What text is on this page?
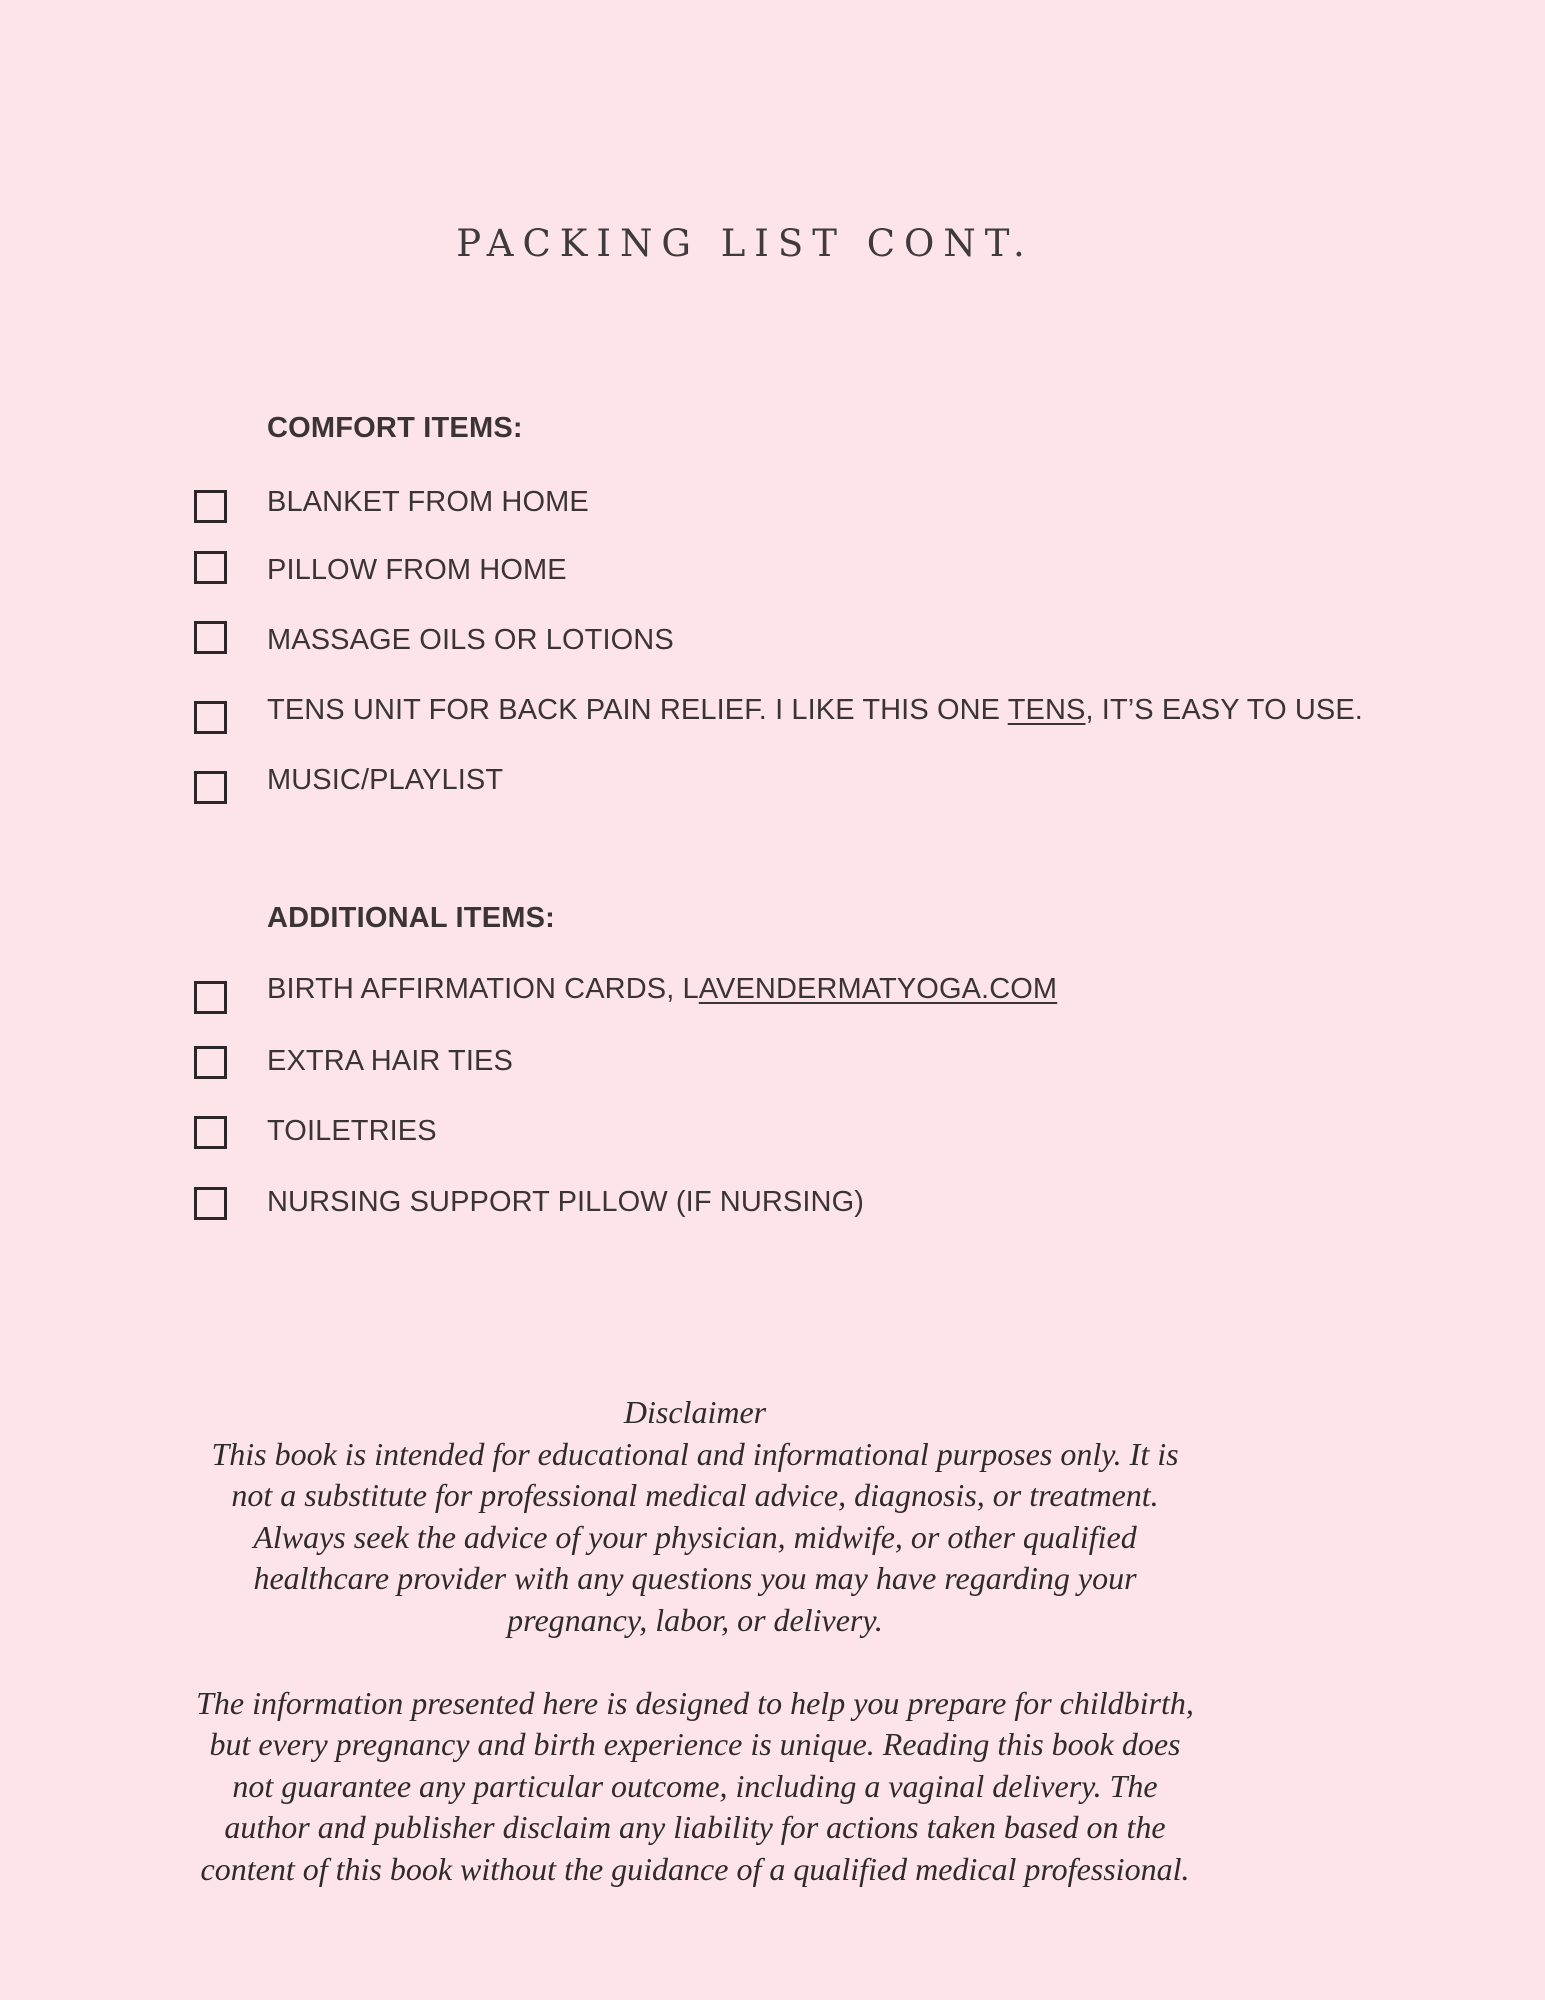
PACKING LIST CONT.
COMFORT ITEMS:
BLANKET FROM HOME
PILLOW FROM HOME
MASSAGE OILS OR LOTIONS
TENS UNIT FOR BACK PAIN RELIEF. I LIKE THIS ONE TENS, IT’S EASY TO USE.
MUSIC/PLAYLIST
ADDITIONAL ITEMS:
BIRTH AFFIRMATION CARDS, LAVENDERMATYOGA.COM
EXTRA HAIR TIES
TOILETRIES
NURSING SUPPORT PILLOW (IF NURSING)

Disclaimer

This book is intended for educational and informational purposes only. It is not a substitute for professional medical advice, diagnosis, or treatment. Always seek the advice of your physician, midwife, or other qualified healthcare provider with any questions you may have regarding your pregnancy, labor, or delivery.

The information presented here is designed to help you prepare for childbirth, but every pregnancy and birth experience is unique. Reading this book does not guarantee any particular outcome, including a vaginal delivery. The author and publisher disclaim any liability for actions taken based on the content of this book without the guidance of a qualified medical professional.
